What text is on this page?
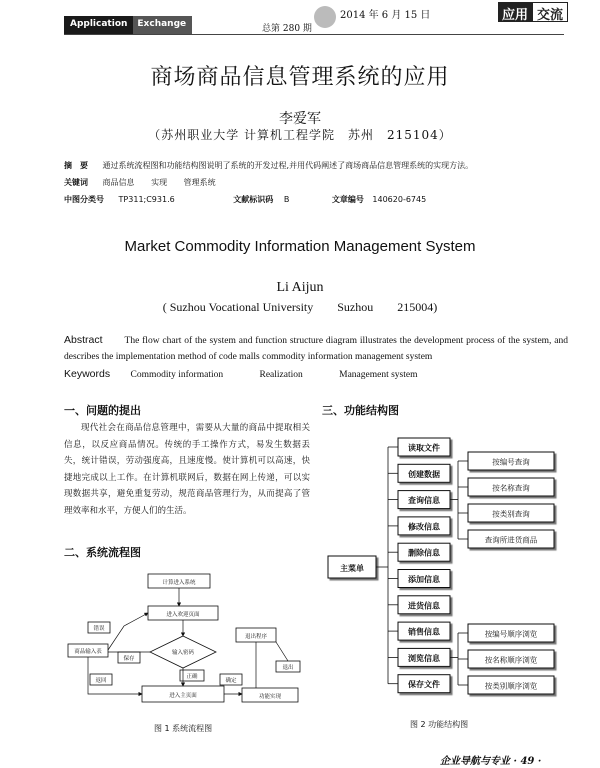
Application	Exchange	总第 280 期
2014 年 6 月 15 日	应用 交流
商场商品信息管理系统的应用
李爱军
（苏州职业大学 计算机工程学院　苏州　215104）
摘　要 通过系统流程图和功能结构图说明了系统的开发过程,并用代码阐述了商场商品信息管理系统的实现方法。
关键词 商品信息 实现 管理系统
中图分类号 TP311;C931.6	文献标识码 B	文章编号 140620-6745
Market Commodity Information Management System
Li Aijun
( Suzhou Vocational University　　Suzhou　　215004)
Abstract The flow chart of the system and function structure diagram illustrates the development process of the system, and describes the implementation method of code malls commodity information management system
Keywords Commodity information	Realization	Management system
一、问题的提出
现代社会在商品信息管理中，需要从大量的商品中提取相关信息，以反应商品情况。传统的手工操作方式，易发生数据丢失，统计错误，劳动强度高，且速度慢。使计算机可以高速，快捷地完成以上工作。在计算机联网后，数据在网上传递，可以实现数据共享，避免重复劳动，规范商品管理行为，从而提高了管理效率和水平，方便人们的生活。
二、系统流程图
计算进入系统
进入欢迎页面
输入密码
进入主页面
错误
商品输入表
保存
返回
正确
退出程序
退出
功能实现
确定
图 1 系统流程图
三、功能结构图
主菜单
读取文件
创建数据
查询信息
修改信息
删除信息
添加信息
进货信息
销售信息
浏览信息
保存文件
按编号查询
按名称查询
按类别查询
查询所进货商品
按编号顺序浏览
按名称顺序浏览
按类别顺序浏览
图 2 功能结构图
企业导航与专业 · 49 ·
